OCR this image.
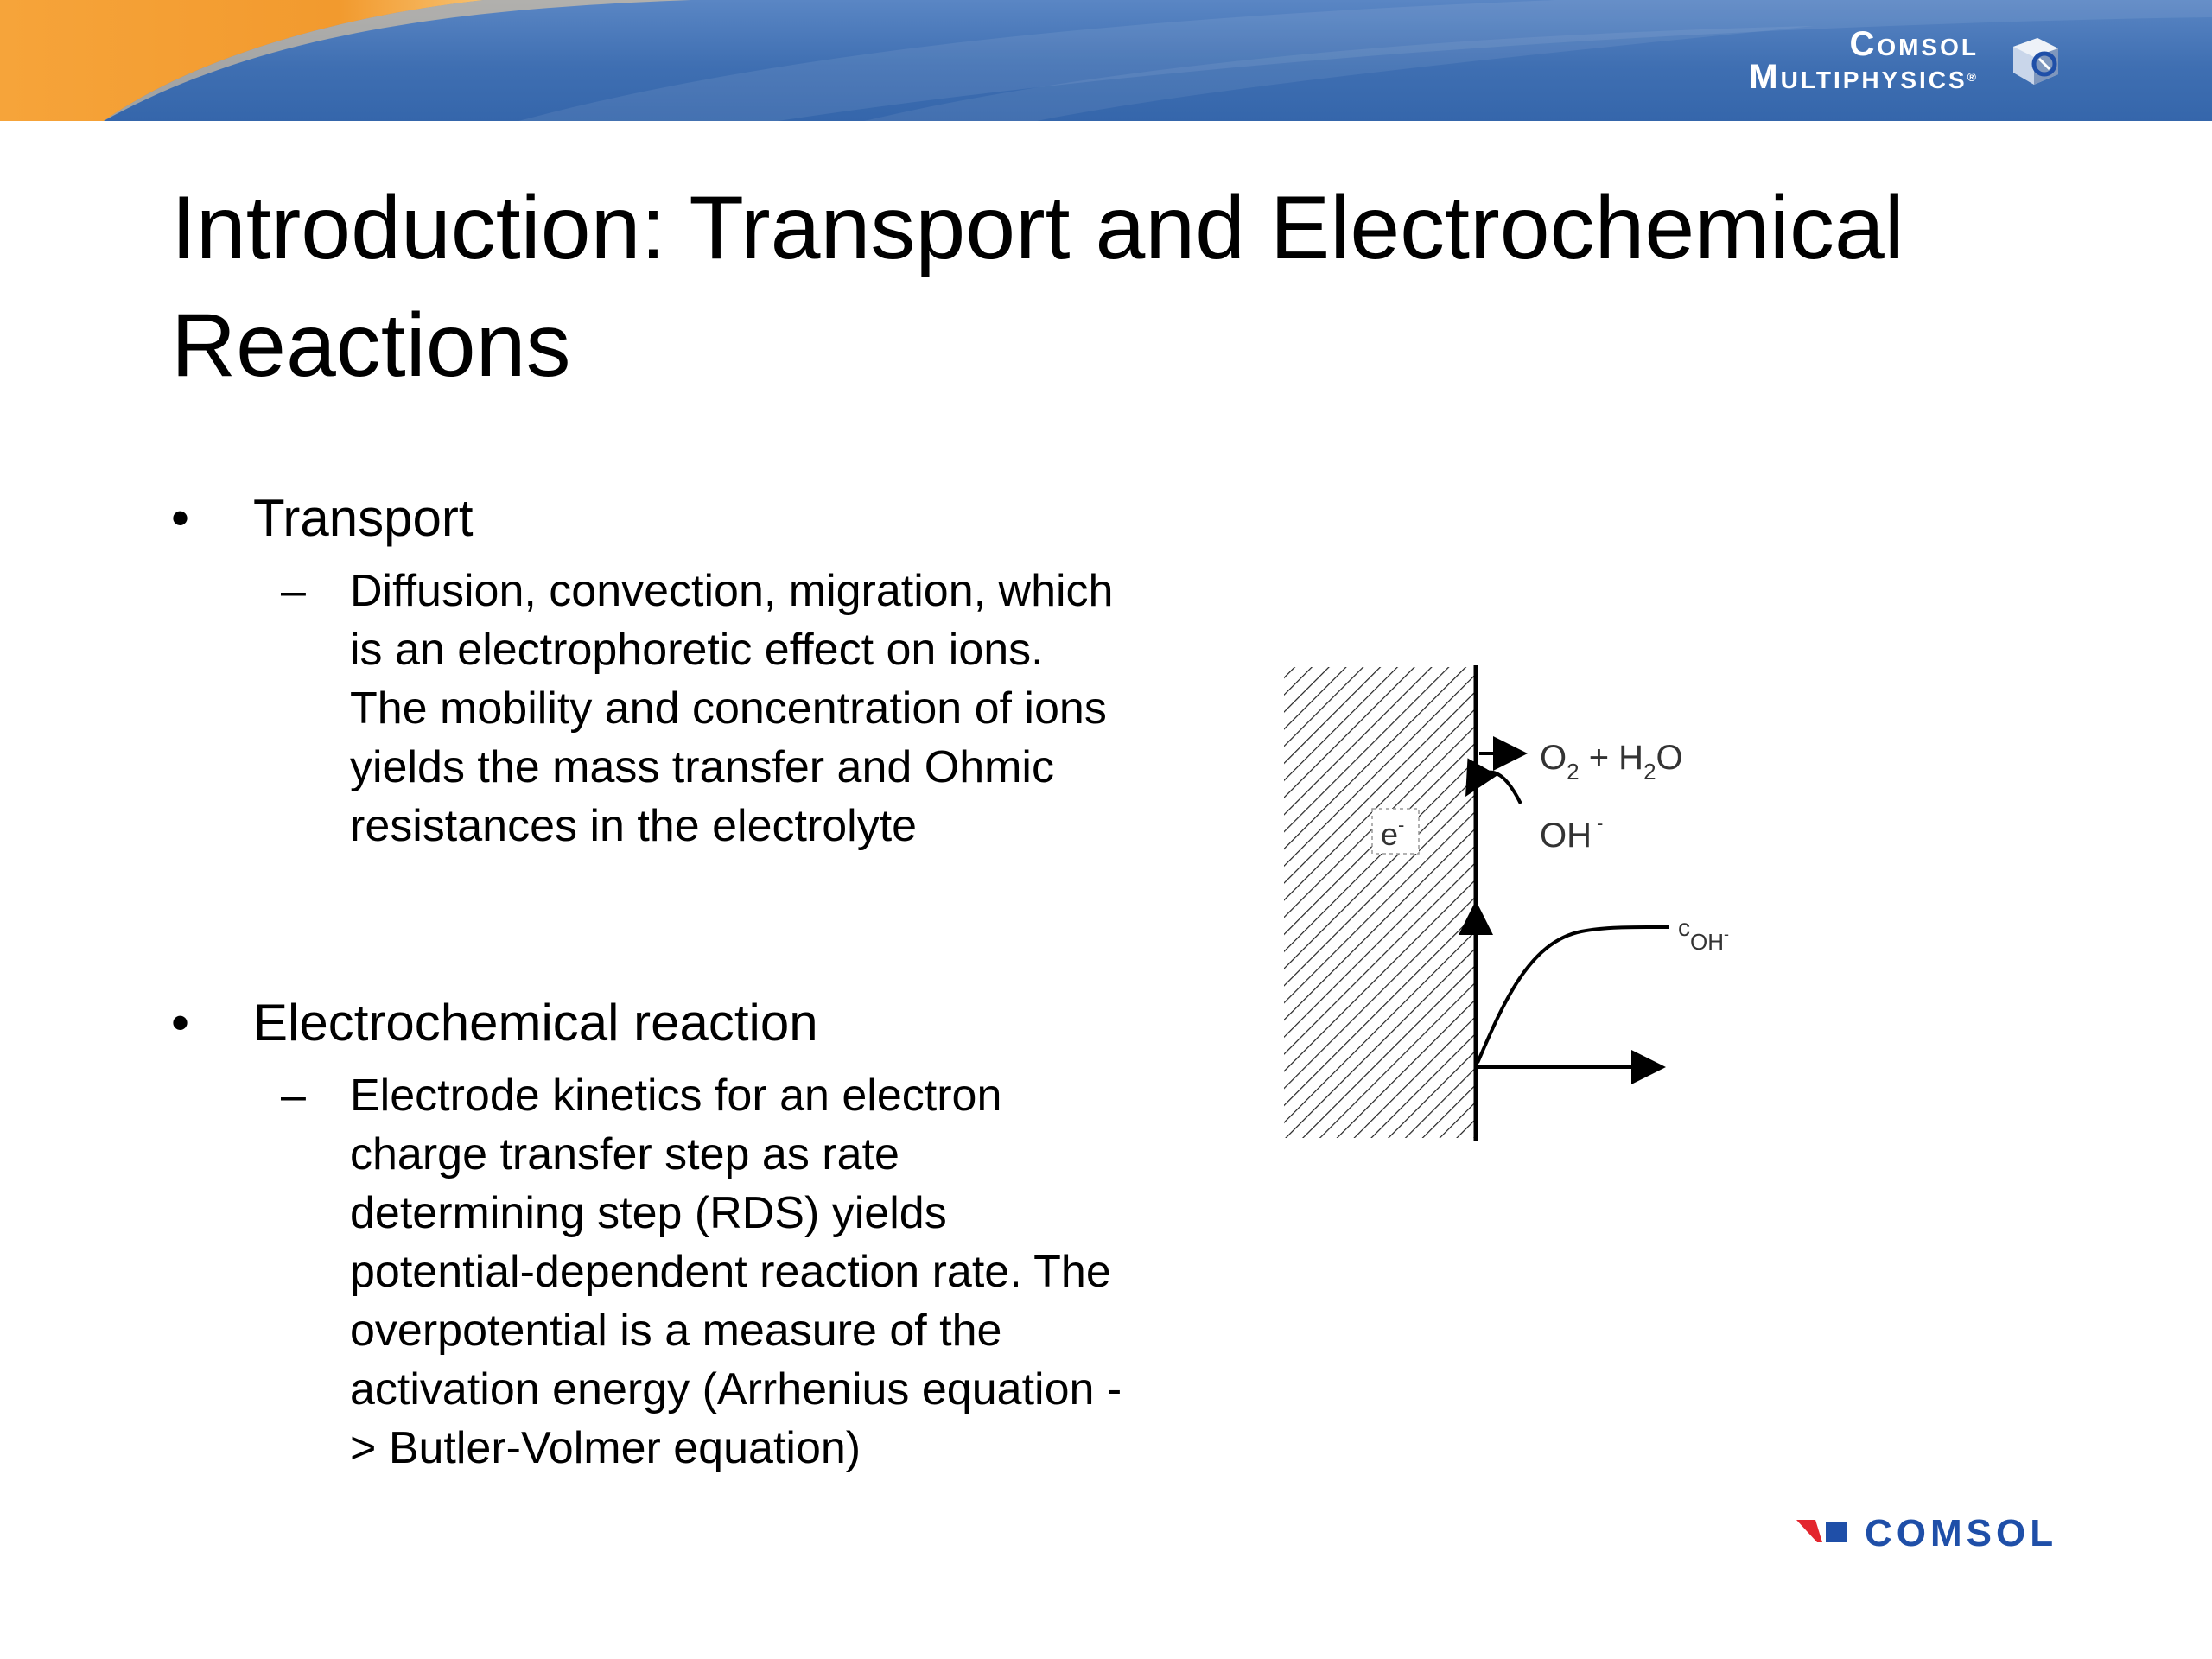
Comsol
Multiphysics®
Introduction: Transport and Electrochemical Reactions
•	Transport
– Diffusion, convection, migration, which is an electrophoretic effect on ions. The mobility and concentration of ions yields the mass transfer and Ohmic resistances in the electrolyte
•	Electrochemical reaction
– Electrode kinetics for an electron charge transfer step as rate determining step (RDS) yields potential-dependent reaction rate. The overpotential is a measure of the activation energy (Arrhenius equation -> Butler-Volmer equation)
e-
$O_2 + H_2O$
OH -
cOH-
COMSOL
